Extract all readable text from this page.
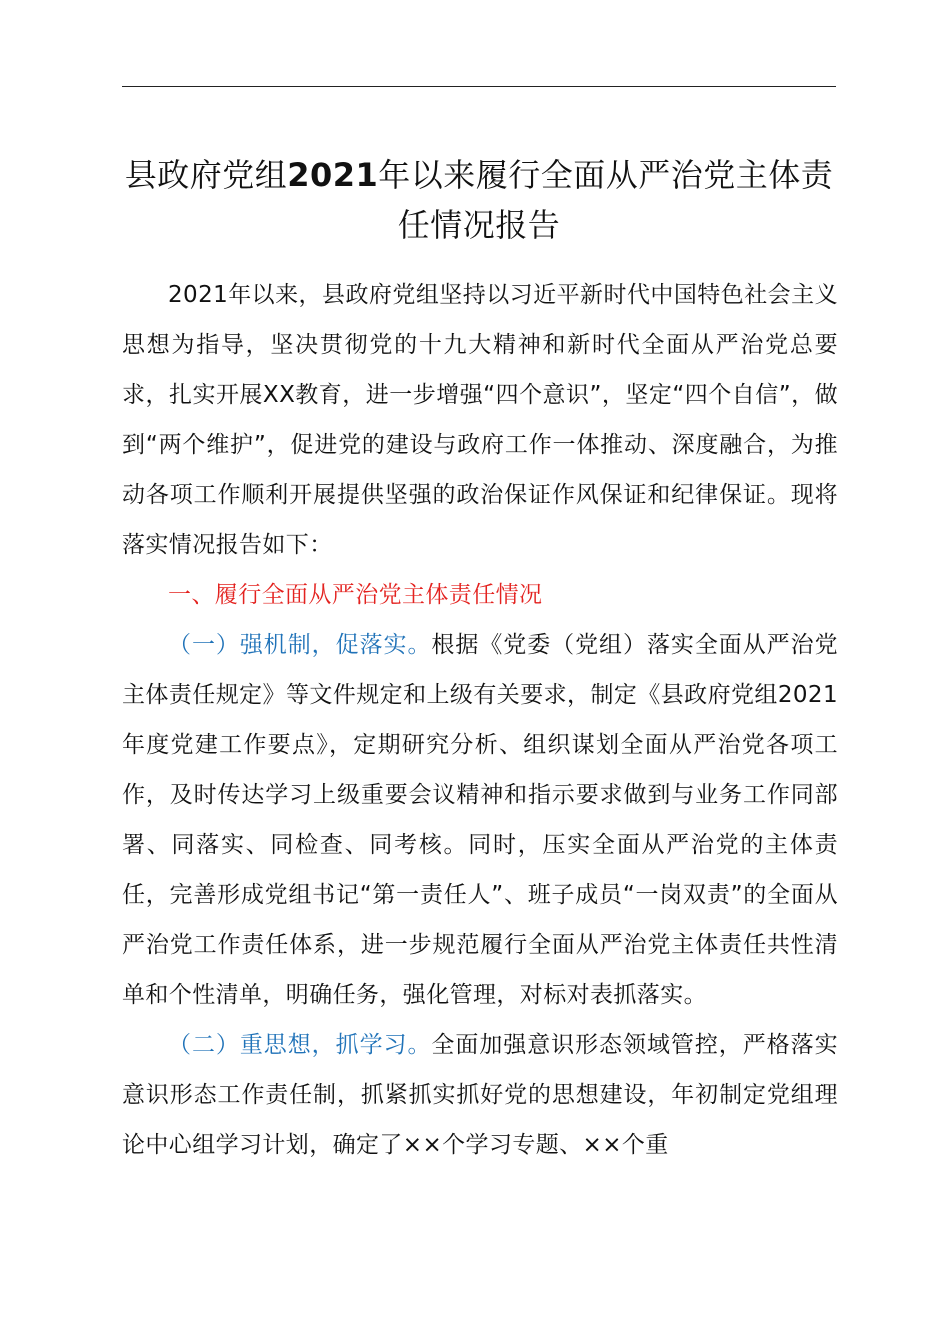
县政府党组2021年以来履行全面从严治党主体责任情况报告

2021年以来，县政府党组坚持以习近平新时代中国特色社会主义思想为指导，坚决贯彻党的十九大精神和新时代全面从严治党总要求，扎实开展XX教育，进一步增强“四个意识”，坚定“四个自信”，做到“两个维护”，促进党的建设与政府工作一体推动、深度融合，为推动各项工作顺利开展提供坚强的政治保证作风保证和纪律保证。现将落实情况报告如下：

一、履行全面从严治党主体责任情况

（一）强机制，促落实。根据《党委（党组）落实全面从严治党主体责任规定》等文件规定和上级有关要求，制定《县政府党组2021年度党建工作要点》，定期研究分析、组织谋划全面从严治党各项工作，及时传达学习上级重要会议精神和指示要求做到与业务工作同部署、同落实、同检查、同考核。同时，压实全面从严治党的主体责任，完善形成党组书记“第一责任人”、班子成员“一岗双责”的全面从严治党工作责任体系，进一步规范履行全面从严治党主体责任共性清单和个性清单，明确任务，强化管理，对标对表抓落实。

（二）重思想，抓学习。全面加强意识形态领域管控，严格落实意识形态工作责任制，抓紧抓实抓好党的思想建设，年初制定党组理论中心组学习计划，确定了××个学习专题、××个重
